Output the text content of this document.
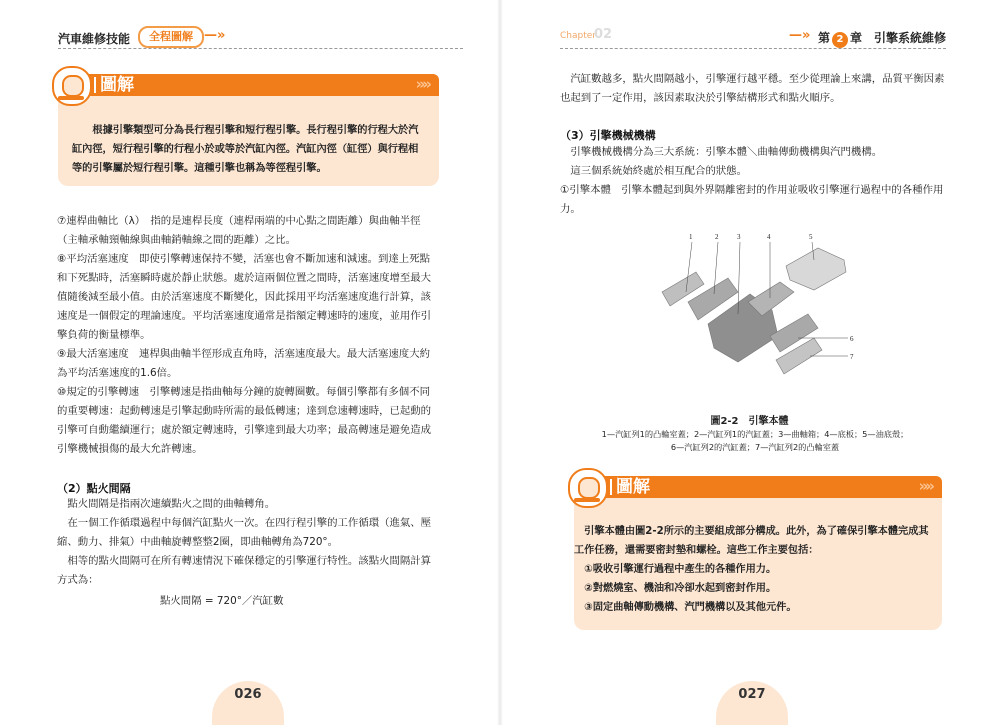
汽車維修技能	全程圖解 —»
圖解	»»
根據引擎類型可分為長行程引擎和短行程引擎。長行程引擎的行程大於汽缸內徑，短行程引擎的行程小於或等於汽缸內徑。汽缸內徑（缸徑）與行程相等的引擎屬於短行程引擎。這種引擎也稱為等徑程引擎。

⑦連桿曲軸比（λ）　指的是連桿長度（連桿兩端的中心點之間距離）與曲軸半徑（主軸承軸頸軸線與曲軸銷軸線之間的距離）之比。

⑧平均活塞速度　即使引擎轉速保持不變，活塞也會不斷加速和減速。到達上死點和下死點時，活塞瞬時處於靜止狀態。處於這兩個位置之間時，活塞速度增至最大值隨後減至最小值。由於活塞速度不斷變化，因此採用平均活塞速度進行計算，該速度是一個假定的理論速度。平均活塞速度通常是指額定轉速時的速度，並用作引擎負荷的衡量標準。

⑨最大活塞速度　連桿與曲軸半徑形成直角時，活塞速度最大。最大活塞速度大約為平均活塞速度的1.6倍。

⑩規定的引擎轉速　引擎轉速是指曲軸每分鐘的旋轉圈數。每個引擎都有多個不同的重要轉速：起動轉速是引擎起動時所需的最低轉速；達到怠速轉速時，已起動的引擎可自動繼續運行；處於額定轉速時，引擎達到最大功率；最高轉速是避免造成引擎機械損傷的最大允許轉速。

（2）點火間隔

　點火間隔是指兩次連續點火之間的曲軸轉角。

　在一個工作循環過程中每個汽缸點火一次。在四行程引擎的工作循環（進氣、壓縮、動力、排氣）中曲軸旋轉整整2圈，即曲軸轉角為720°。

　相等的點火間隔可在所有轉速情況下確保穩定的引擎運行特性。該點火間隔計算方式為：

點火間隔 = 720°／汽缸數
026
Chapter
02	—» 第 2 章　引擎系統維修
　汽缸數越多，點火間隔越小，引擎運行越平穩。至少從理論上來講，品質平衡因素也起到了一定作用，該因素取決於引擎結構形式和點火順序。
（3）引擎機械機構

　引擎機械機構分為三大系統：引擎本體＼曲軸傳動機構與汽門機構。

　這三個系統始終處於相互配合的狀態。

①引擎本體　引擎本體起到與外界隔離密封的作用並吸收引擎運行過程中的各種作用力。

1	2	3	4	5
6
7
圖2-2　引擎本體

1—汽缸列1的凸輪室蓋；2—汽缸列1的汽缸蓋；3—曲軸箱；4—底板；5—油底殼；

6—汽缸列2的汽缸蓋；7—汽缸列2的凸輪室蓋

圖解	»»
　引擎本體由圖2-2所示的主要組成部分構成。此外，為了確保引擎本體完成其工作任務，還需要密封墊和螺栓。這些工作主要包括：
　①吸收引擎運行過程中產生的各種作用力。
　②對燃燒室、機油和冷卻水起到密封作用。
　③固定曲軸傳動機構、汽門機構以及其他元件。
027
